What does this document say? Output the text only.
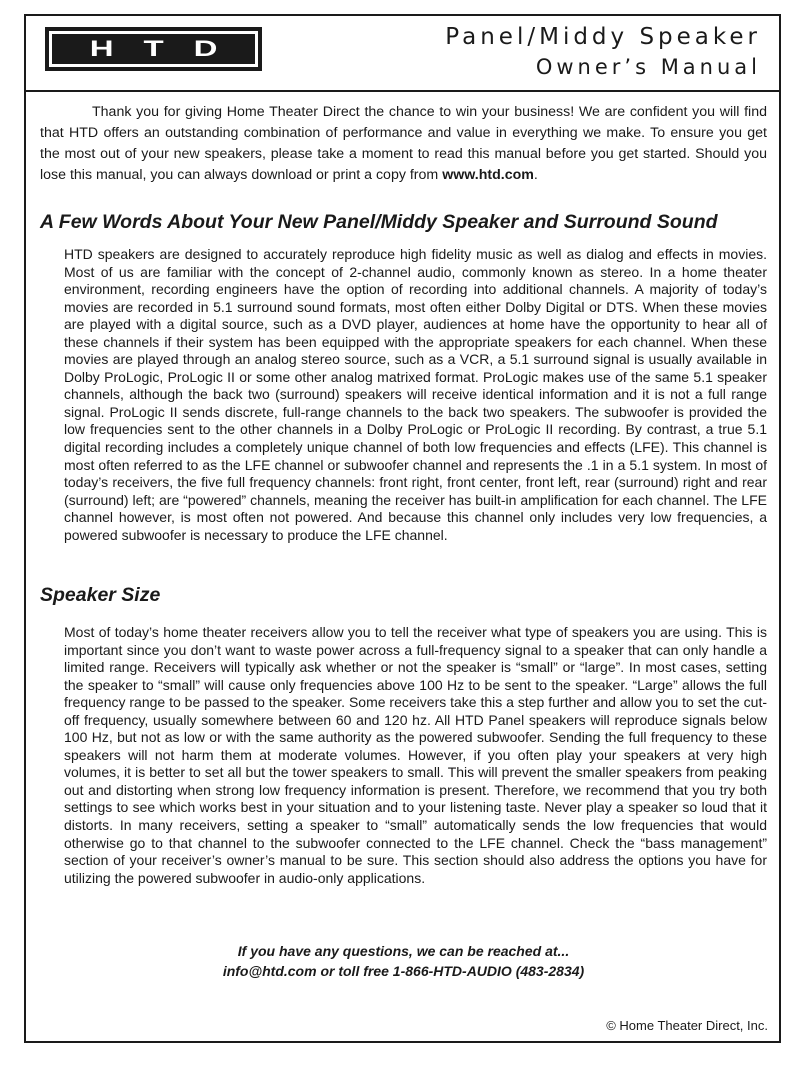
HTD	Panel/Middy Speaker
Owner’s Manual

Thank you for giving Home Theater Direct the chance to win your business! We are confident you will find that HTD offers an outstanding combination of performance and value in everything we make. To ensure you get the most out of your new speakers, please take a moment to read this manual before you get started. Should you lose this manual, you can always download or print a copy from www.htd.com.

A Few Words About Your New Panel/Middy Speaker and Surround Sound

HTD speakers are designed to accurately reproduce high fidelity music as well as dialog and effects in movies. Most of us are familiar with the concept of 2-channel audio, commonly known as stereo. In a home theater environment, recording engineers have the option of recording into additional channels. A majority of today’s movies are recorded in 5.1 surround sound formats, most often either Dolby Digital or DTS. When these movies are played with a digital source, such as a DVD player, audiences at home have the opportunity to hear all of these channels if their system has been equipped with the appropriate speakers for each channel. When these movies are played through an analog stereo source, such as a VCR, a 5.1 surround signal is usually available in Dolby ProLogic, ProLogic II or some other analog matrixed format. ProLogic makes use of the same 5.1 speaker channels, although the back two (surround) speakers will receive identical information and it is not a full range signal. ProLogic II sends discrete, full-range channels to the back two speakers. The subwoofer is provided the low frequencies sent to the other channels in a Dolby ProLogic or ProLogic II recording. By contrast, a true 5.1 digital recording includes a completely unique channel of both low frequencies and effects (LFE). This channel is most often referred to as the LFE channel or subwoofer channel and represents the .1 in a 5.1 system. In most of today’s receivers, the five full frequency channels: front right, front center, front left, rear (surround) right and rear (surround) left; are “powered” channels, meaning the receiver has built-in amplification for each channel. The LFE channel however, is most often not powered. And because this channel only includes very low frequencies, a powered subwoofer is necessary to produce the LFE channel.

Speaker Size

Most of today’s home theater receivers allow you to tell the receiver what type of speakers you are using. This is important since you don’t want to waste power across a full-frequency signal to a speaker that can only handle a limited range. Receivers will typically ask whether or not the speaker is “small” or “large”. In most cases, setting the speaker to “small” will cause only frequencies above 100 Hz to be sent to the speaker. “Large” allows the full frequency range to be passed to the speaker. Some receivers take this a step further and allow you to set the cut-off frequency, usually somewhere between 60 and 120 hz. All HTD Panel speakers will reproduce signals below 100 Hz, but not as low or with the same authority as the powered subwoofer. Sending the full frequency to these speakers will not harm them at moderate volumes. However, if you often play your speakers at very high volumes, it is better to set all but the tower speakers to small. This will prevent the smaller speakers from peaking out and distorting when strong low frequency information is present. Therefore, we recommend that you try both settings to see which works best in your situation and to your listening taste. Never play a speaker so loud that it distorts. In many receivers, setting a speaker to “small” automatically sends the low frequencies that would otherwise go to that channel to the subwoofer connected to the LFE channel. Check the “bass management” section of your receiver’s owner’s manual to be sure. This section should also address the options you have for utilizing the powered subwoofer in audio-only applications.

If you have any questions, we can be reached at...
info@htd.com or toll free 1-866-HTD-AUDIO (483-2834)
© Home Theater Direct, Inc.
